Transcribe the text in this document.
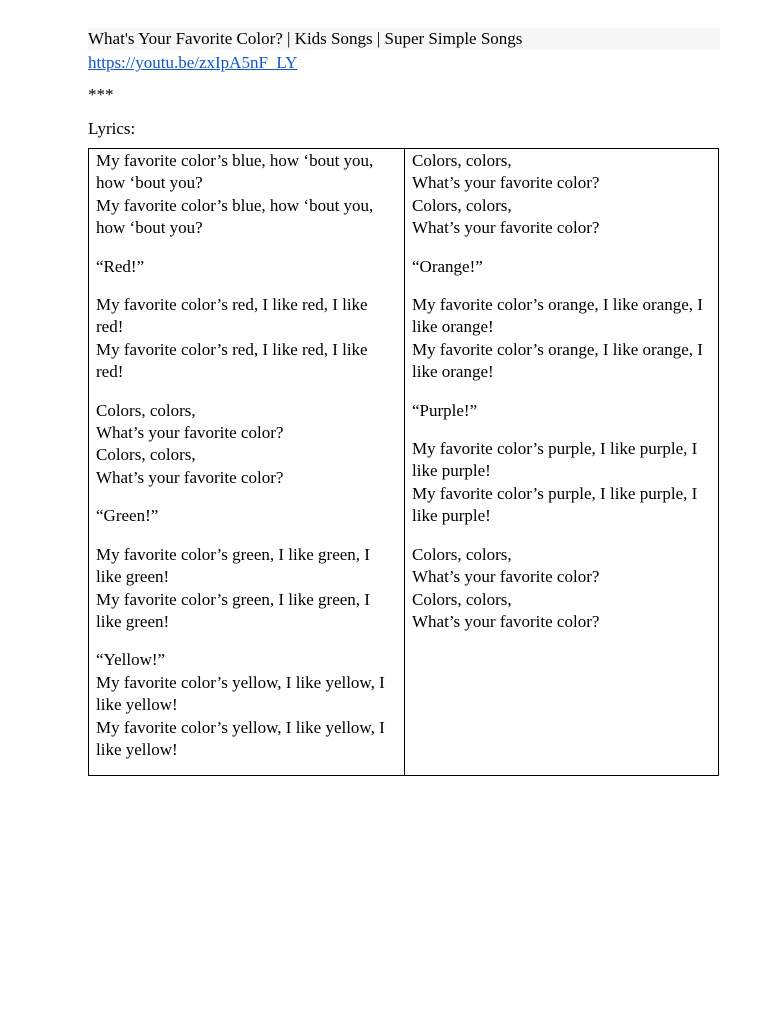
What's Your Favorite Color? | Kids Songs | Super Simple Songs
https://youtu.be/zxIpA5nF_LY
***
Lyrics:
My favorite color’s blue, how ‘bout you, how ‘bout you?
My favorite color’s blue, how ‘bout you, how ‘bout you?
“Red!”
My favorite color’s red, I like red, I like red!
My favorite color’s red, I like red, I like red!
Colors, colors,
What’s your favorite color?
Colors, colors,
What’s your favorite color?
“Green!”
My favorite color’s green, I like green, I like green!
My favorite color’s green, I like green, I like green!
“Yellow!”
My favorite color’s yellow, I like yellow, I like yellow!
My favorite color’s yellow, I like yellow, I like yellow!
Colors, colors,
What’s your favorite color?
Colors, colors,
What’s your favorite color?
“Orange!”
My favorite color’s orange, I like orange, I like orange!
My favorite color’s orange, I like orange, I like orange!
“Purple!”
My favorite color’s purple, I like purple, I like purple!
My favorite color’s purple, I like purple, I like purple!
Colors, colors,
What’s your favorite color?
Colors, colors,
What’s your favorite color?
